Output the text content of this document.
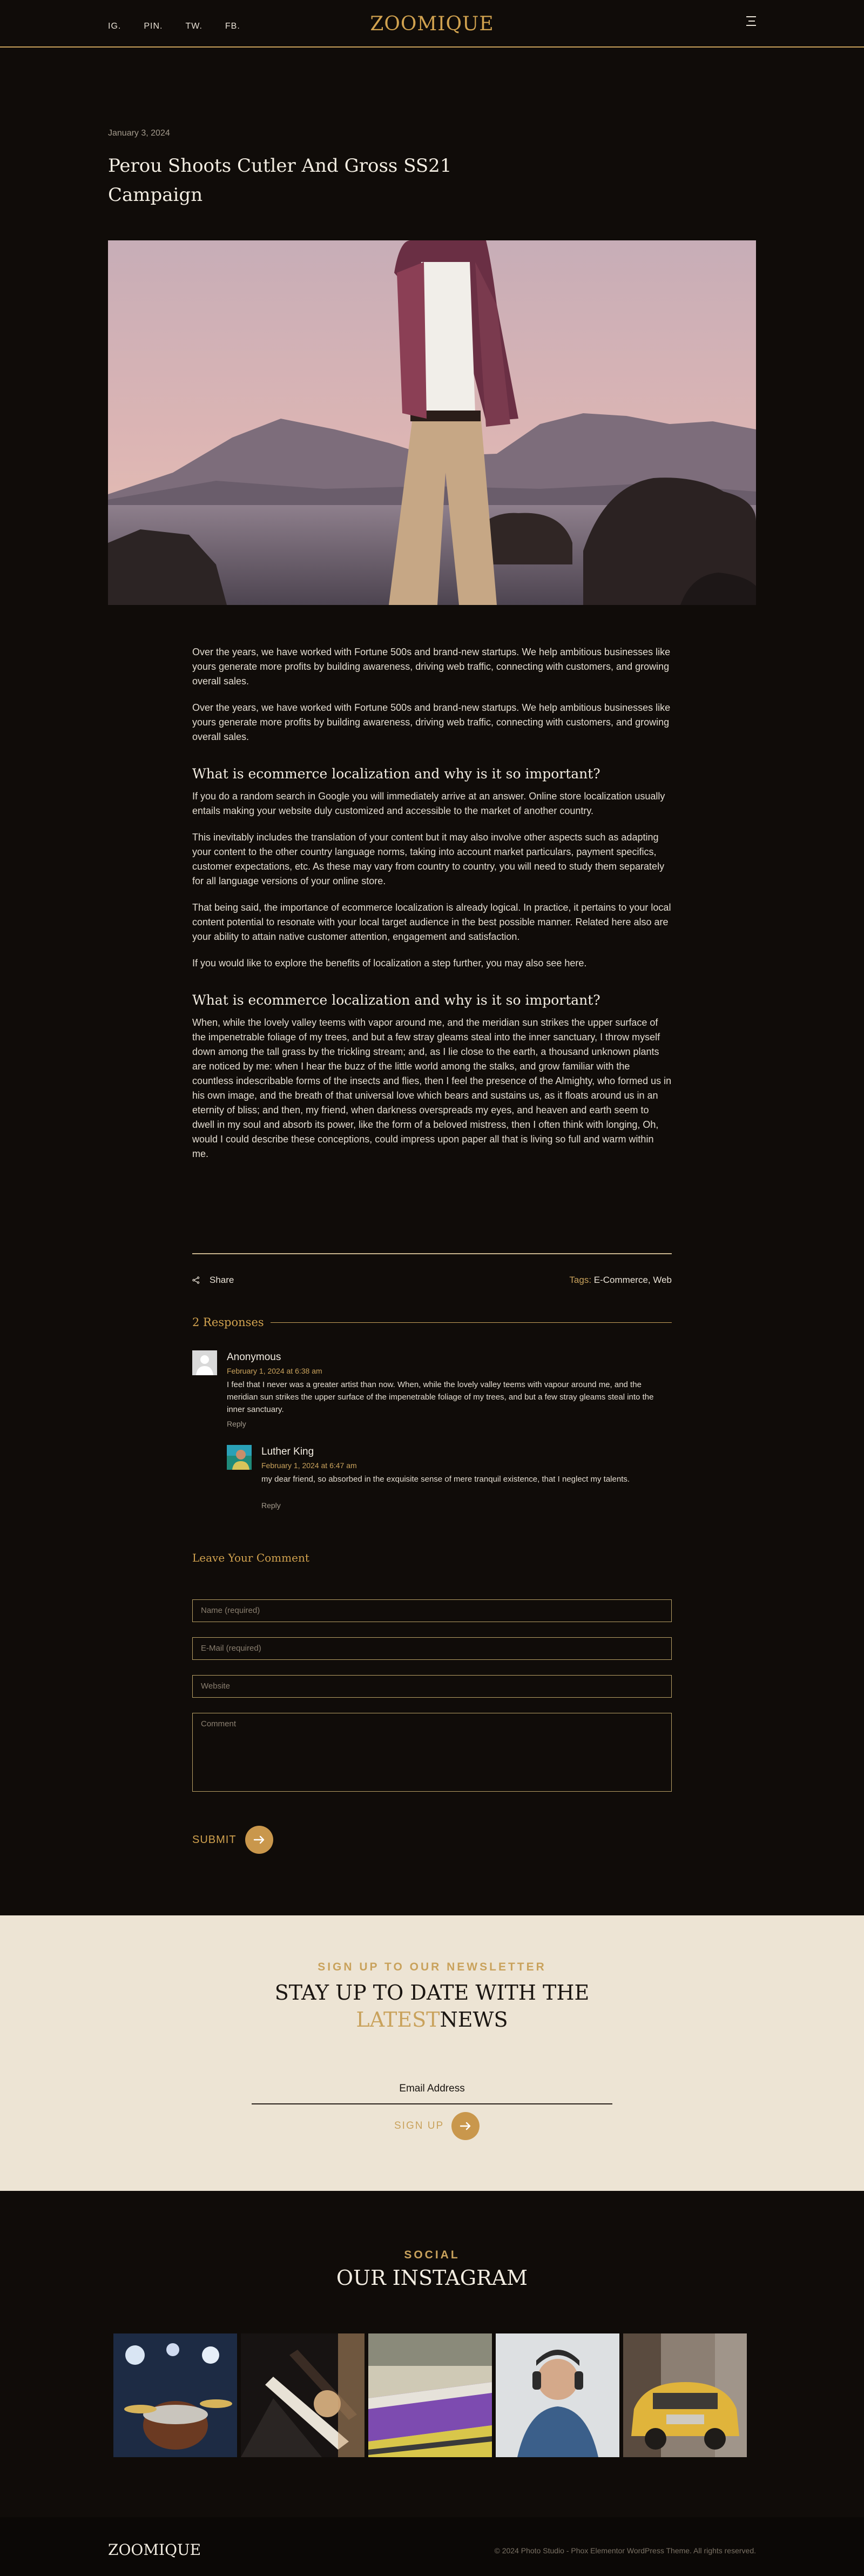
IG.	PIN.	TW.	FB.	ZOOMIQUE
January 3, 2024
Perou Shoots Cutler And Gross SS21 Campaign

Over the years, we have worked with Fortune 500s and brand-new startups. We help ambitious businesses like yours generate more profits by building awareness, driving web traffic, connecting with customers, and growing overall sales.

Over the years, we have worked with Fortune 500s and brand-new startups. We help ambitious businesses like yours generate more profits by building awareness, driving web traffic, connecting with customers, and growing overall sales.

What is ecommerce localization and why is it so important?

If you do a random search in Google you will immediately arrive at an answer. Online store localization usually entails making your website duly customized and accessible to the market of another country.

This inevitably includes the translation of your content but it may also involve other aspects such as adapting your content to the other country language norms, taking into account market particulars, payment specifics, customer expectations, etc. As these may vary from country to country, you will need to study them separately for all language versions of your online store.

That being said, the importance of ecommerce localization is already logical. In practice, it pertains to your local content potential to resonate with your local target audience in the best possible manner. Related here also are your ability to attain native customer attention, engagement and satisfaction.

If you would like to explore the benefits of localization a step further, you may also see here.

What is ecommerce localization and why is it so important?

When, while the lovely valley teems with vapor around me, and the meridian sun strikes the upper surface of the impenetrable foliage of my trees, and but a few stray gleams steal into the inner sanctuary, I throw myself down among the tall grass by the trickling stream; and, as I lie close to the earth, a thousand unknown plants are noticed by me: when I hear the buzz of the little world among the stalks, and grow familiar with the countless indescribable forms of the insects and flies, then I feel the presence of the Almighty, who formed us in his own image, and the breath of that universal love which bears and sustains us, as it floats around us in an eternity of bliss; and then, my friend, when darkness overspreads my eyes, and heaven and earth seem to dwell in my soul and absorb its power, like the form of a beloved mistress, then I often think with longing, Oh, would I could describe these conceptions, could impress upon paper all that is living so full and warm within me.

Share	Tags: E-Commerce, Web
2 Responses
Anonymous
February 1, 2024 at 6:38 am
I feel that I never was a greater artist than now. When, while the lovely valley teems with vapour around me, and the meridian sun strikes the upper surface of the impenetrable foliage of my trees, and but a few stray gleams steal into the inner sanctuary.
Reply
Luther King
February 1, 2024 at 6:47 am
my dear friend, so absorbed in the exquisite sense of mere tranquil existence, that I neglect my talents.
Reply
Leave Your Comment
Name (required)
E-Mail (required)
Website
Comment
SUBMIT
SIGN UP TO OUR NEWSLETTER
STAY UP TO DATE WITH THE
LATESTNEWS
Email Address
SIGN UP
SOCIAL
OUR INSTAGRAM
ZOOMIQUE	© 2024 Photo Studio - Phox Elementor WordPress Theme. All rights reserved.
